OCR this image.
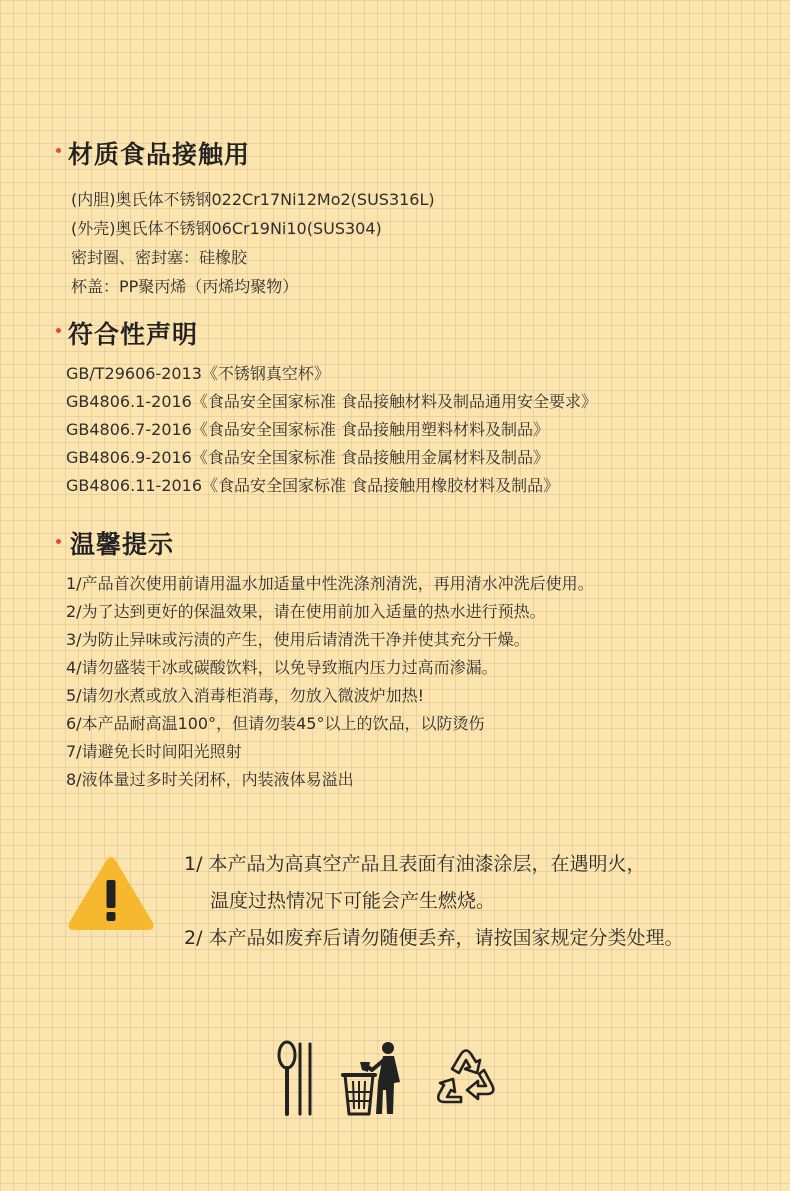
材质食品接触用
(内胆)奥氏体不锈钢022Cr17Ni12Mo2(SUS316L)
(外壳)奥氏体不锈钢06Cr19Ni10(SUS304)
密封圈、密封塞：硅橡胶
杯盖：PP聚丙烯（丙烯均聚物）
符合性声明
GB/T29606-2013《不锈钢真空杯》
GB4806.1-2016《食品安全国家标准 食品接触材料及制品通用安全要求》
GB4806.7-2016《食品安全国家标准 食品接触用塑料材料及制品》
GB4806.9-2016《食品安全国家标准 食品接触用金属材料及制品》
GB4806.11-2016《食品安全国家标准 食品接触用橡胶材料及制品》
温馨提示
1/产品首次使用前请用温水加适量中性洗涤剂清洗，再用清水冲洗后使用。
2/为了达到更好的保温效果，请在使用前加入适量的热水进行预热。
3/为防止异味或污渍的产生，使用后请清洗干净并使其充分干燥。
4/请勿盛装干冰或碳酸饮料，以免导致瓶内压力过高而渗漏。
5/请勿水煮或放入消毒柜消毒，勿放入微波炉加热!
6/本产品耐高温100°，但请勿装45°以上的饮品，以防烫伤
7/请避免长时间阳光照射
8/液体量过多时关闭杯，内装液体易溢出

1/ 本产品为高真空产品且表面有油漆涂层，在遇明火，

温度过热情况下可能会产生燃烧。

2/ 本产品如废弃后请勿随便丢弃，请按国家规定分类处理。
